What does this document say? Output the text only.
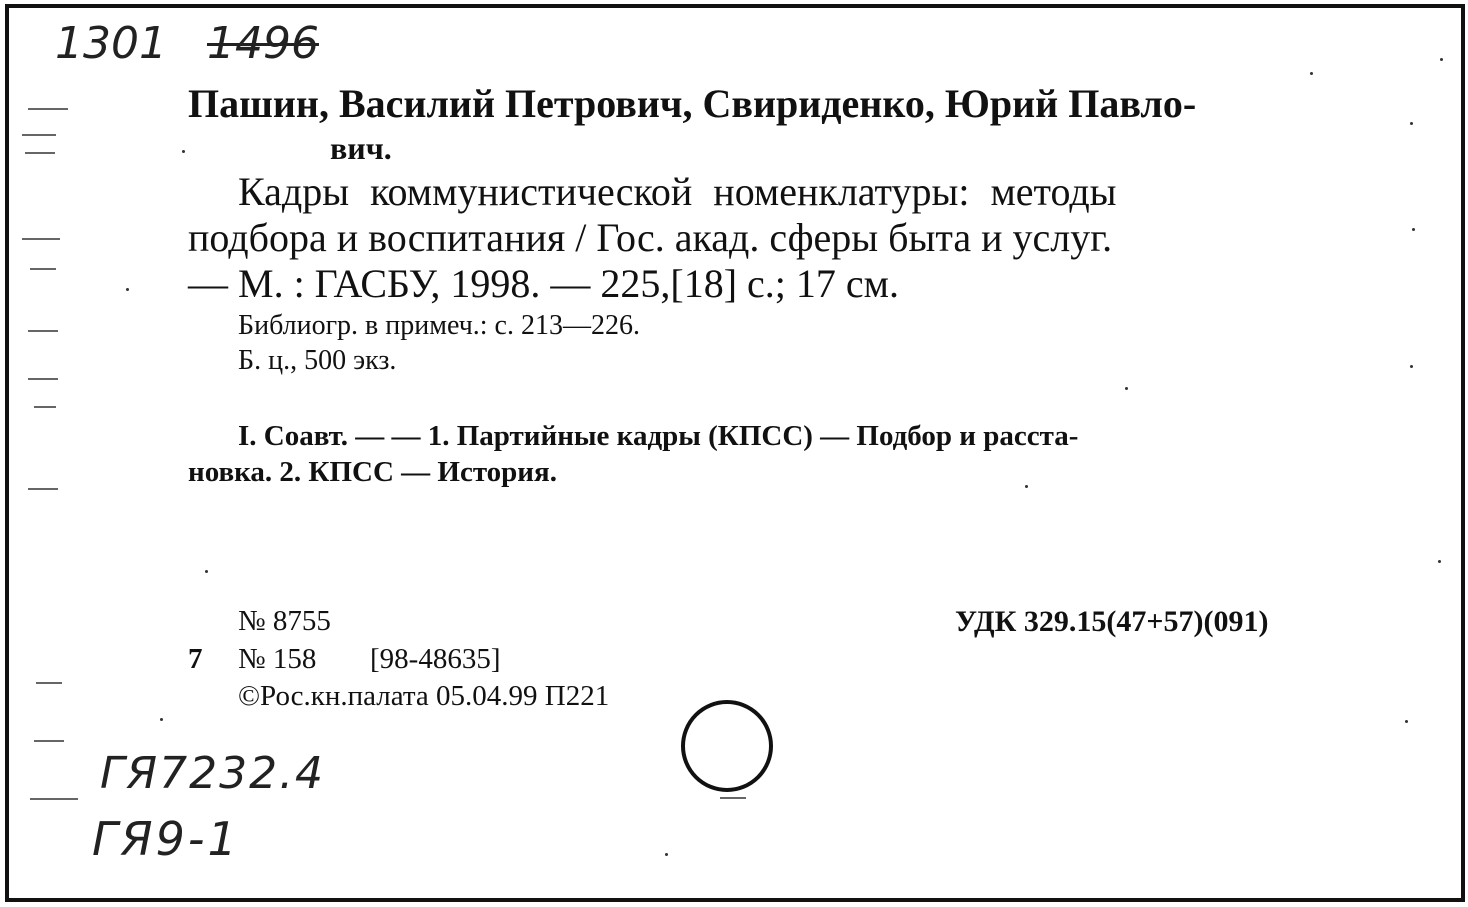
1301 1496
ГЯ7232.4
ГЯ9-1
Пашин, Василий Петрович, Свириденко, Юрий Павло-
вич.
Кадры коммунистической номенклатуры: методы
подбора и воспитания / Гос. акад. сферы быта и услуг.
— М. : ГАСБУ, 1998. — 225,[18] с.; 17 см.
Библиогр. в примеч.: с. 213—226.
Б. ц., 500 экз.
I. Соавт. — — 1. Партийные кадры (КПСС) — Подбор и расста-
новка. 2. КПСС — История.
№ 8755	УДК 329.15(47+57)(091)
7 № 158 [98-48635]
©Рос.кн.палата 05.04.99 П221
